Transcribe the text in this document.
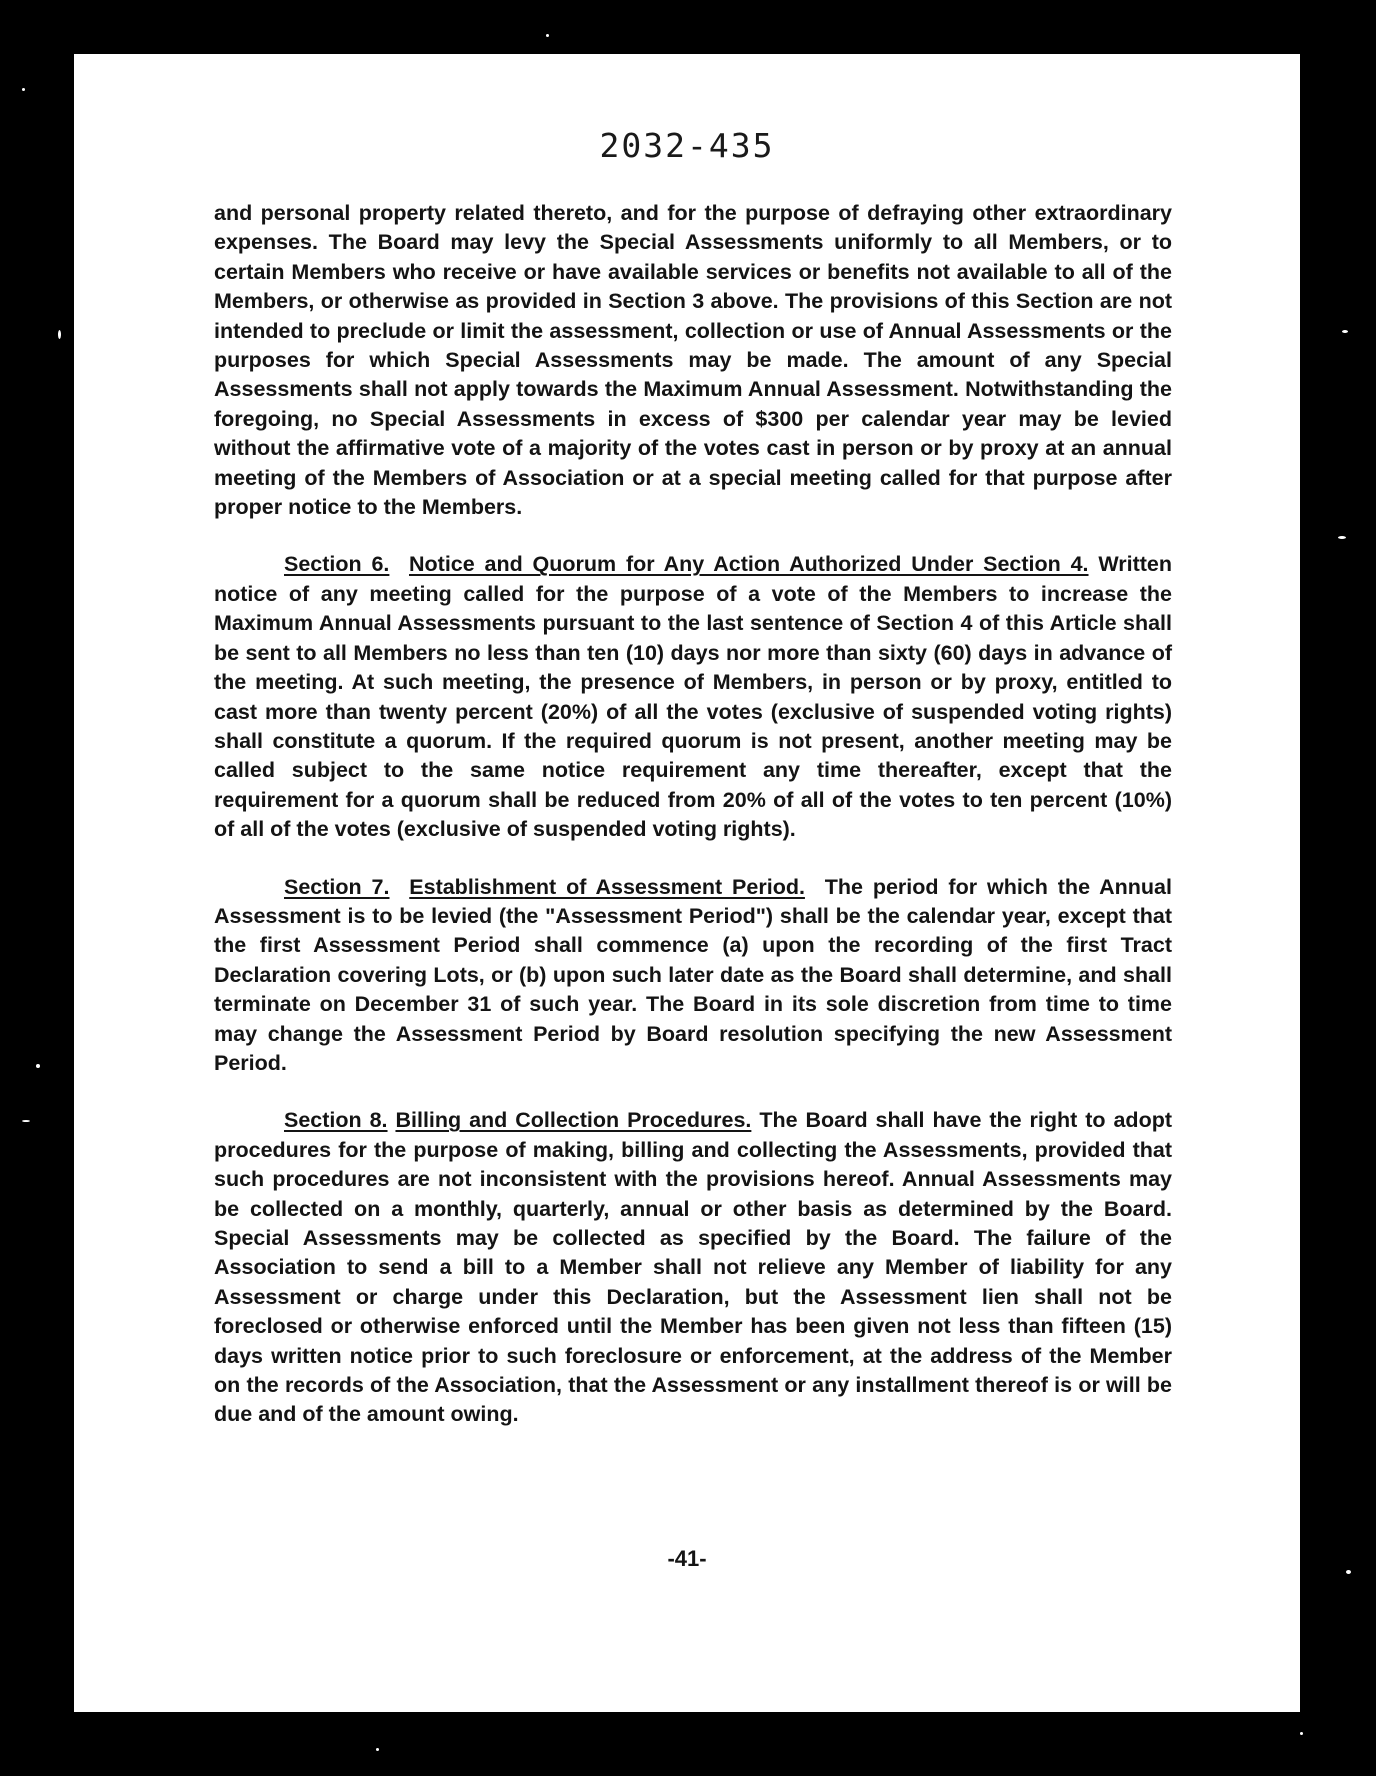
2032-435

and personal property related thereto, and for the purpose of defraying other extraordinary expenses. The Board may levy the Special Assessments uniformly to all Members, or to certain Members who receive or have available services or benefits not available to all of the Members, or otherwise as provided in Section 3 above. The provisions of this Section are not intended to preclude or limit the assessment, collection or use of Annual Assessments or the purposes for which Special Assessments may be made. The amount of any Special Assessments shall not apply towards the Maximum Annual Assessment. Notwithstanding the foregoing, no Special Assessments in excess of $300 per calendar year may be levied without the affirmative vote of a majority of the votes cast in person or by proxy at an annual meeting of the Members of Association or at a special meeting called for that purpose after proper notice to the Members.

Section 6. Notice and Quorum for Any Action Authorized Under Section 4. Written notice of any meeting called for the purpose of a vote of the Members to increase the Maximum Annual Assessments pursuant to the last sentence of Section 4 of this Article shall be sent to all Members no less than ten (10) days nor more than sixty (60) days in advance of the meeting. At such meeting, the presence of Members, in person or by proxy, entitled to cast more than twenty percent (20%) of all the votes (exclusive of suspended voting rights) shall constitute a quorum. If the required quorum is not present, another meeting may be called subject to the same notice requirement any time thereafter, except that the requirement for a quorum shall be reduced from 20% of all of the votes to ten percent (10%) of all of the votes (exclusive of suspended voting rights).

Section 7. Establishment of Assessment Period. The period for which the Annual Assessment is to be levied (the "Assessment Period") shall be the calendar year, except that the first Assessment Period shall commence (a) upon the recording of the first Tract Declaration covering Lots, or (b) upon such later date as the Board shall determine, and shall terminate on December 31 of such year. The Board in its sole discretion from time to time may change the Assessment Period by Board resolution specifying the new Assessment Period.

Section 8. Billing and Collection Procedures. The Board shall have the right to adopt procedures for the purpose of making, billing and collecting the Assessments, provided that such procedures are not inconsistent with the provisions hereof. Annual Assessments may be collected on a monthly, quarterly, annual or other basis as determined by the Board. Special Assessments may be collected as specified by the Board. The failure of the Association to send a bill to a Member shall not relieve any Member of liability for any Assessment or charge under this Declaration, but the Assessment lien shall not be foreclosed or otherwise enforced until the Member has been given not less than fifteen (15) days written notice prior to such foreclosure or enforcement, at the address of the Member on the records of the Association, that the Assessment or any installment thereof is or will be due and of the amount owing.

-41-
